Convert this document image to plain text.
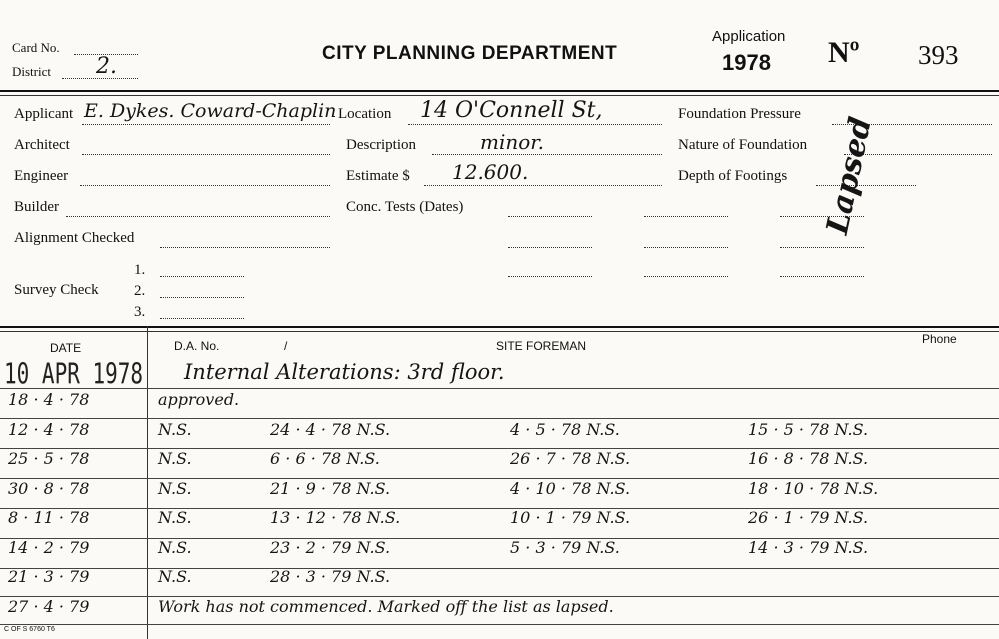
Card No.
District 2.
CITY PLANNING DEPARTMENT
Application
1978 Nº 393
Applicant E. Dykes. Coward-Chaplin
Architect
Engineer
Builder
Alignment Checked
Survey Check
1.
2.
3.
Location 14 O'Connell St,
Description	minor.
Estimate $ 12.600.
Conc. Tests (Dates)
Foundation Pressure
Nature of Foundation
Depth of Footings Lapsed
DATE	D.A. No.	/	SITE FOREMAN	Phone
10 APR 1978 Internal Alterations: 3rd floor.
18 · 4 · 78	approved.
12 · 4 · 78	N.S.	24 · 4 · 78 N.S.	4 · 5 · 78 N.S.	15 · 5 · 78 N.S.
25 · 5 · 78	N.S.	6 · 6 · 78 N.S.	26 · 7 · 78 N.S.	16 · 8 · 78 N.S.
30 · 8 · 78	N.S.	21 · 9 · 78 N.S.	4 · 10 · 78 N.S.	18 · 10 · 78 N.S.
8 · 11 · 78	N.S.	13 · 12 · 78 N.S.	10 · 1 · 79 N.S.	26 · 1 · 79 N.S.
14 · 2 · 79	N.S.	23 · 2 · 79 N.S.	5 · 3 · 79 N.S.	14 · 3 · 79 N.S.
21 · 3 · 79	N.S.	28 · 3 · 79 N.S.
27 · 4 · 79	Work has not commenced. Marked off the list as lapsed.
C OF S 6760 T6
